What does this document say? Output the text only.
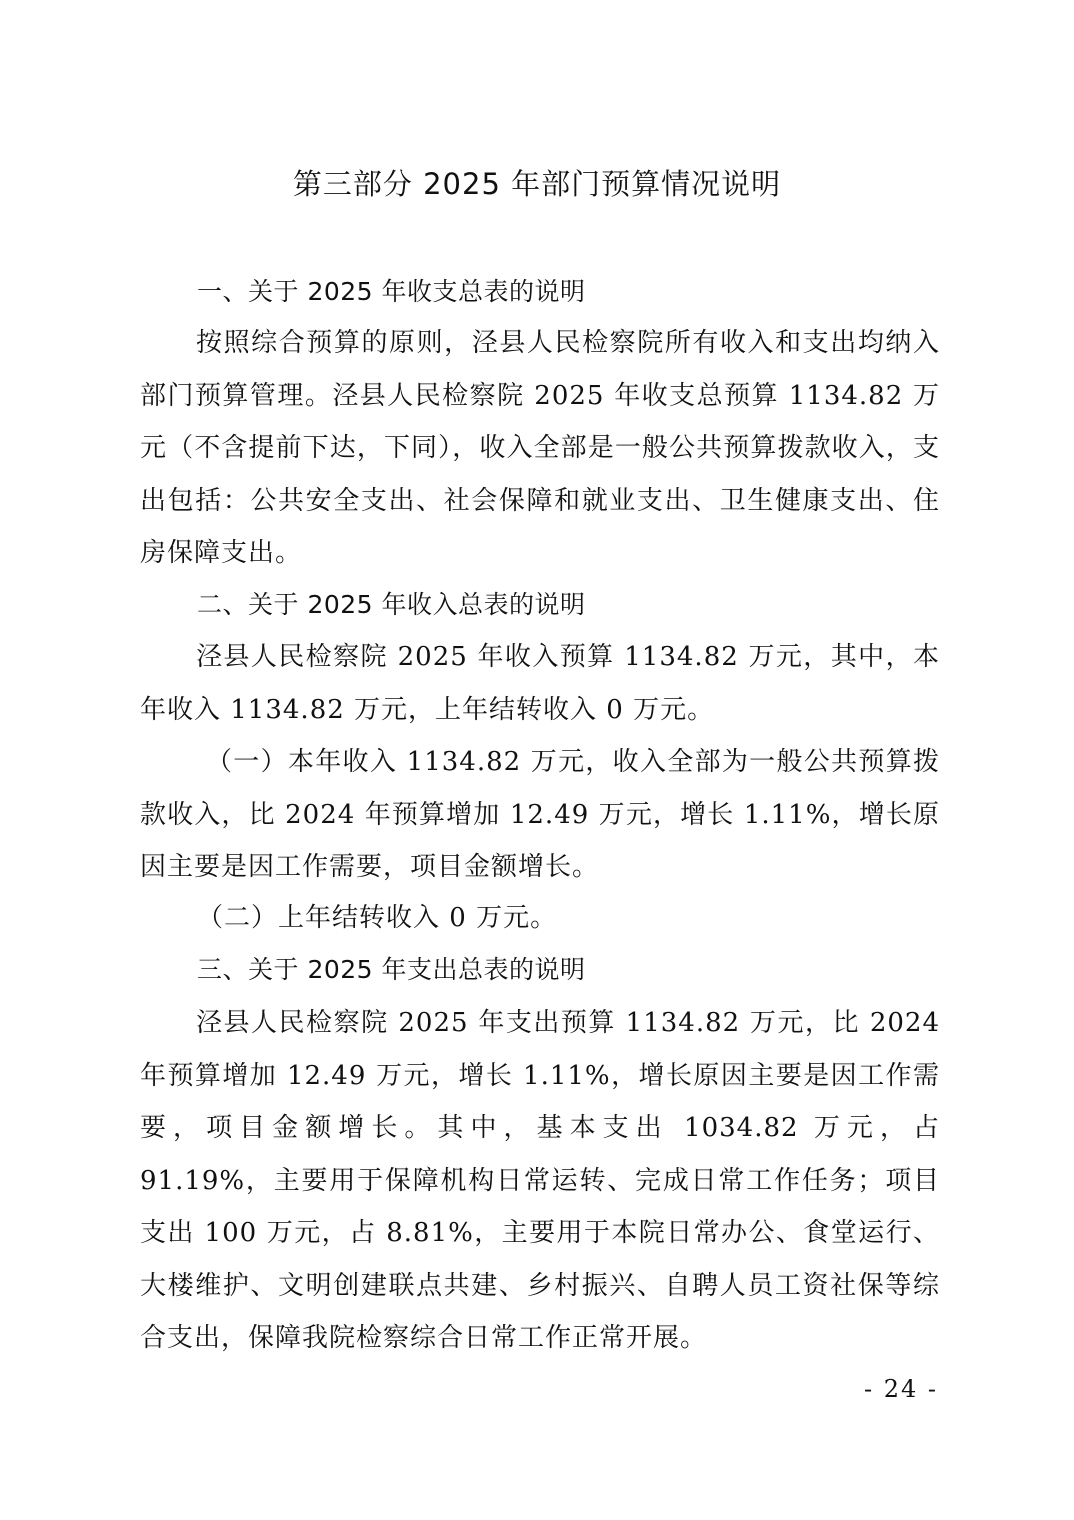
第三部分 2025 年部门预算情况说明
一、关于 2025 年收支总表的说明
按照综合预算的原则，泾县人民检察院所有收入和支出均纳入部门预算管理。泾县人民检察院 2025 年收支总预算 1134.82 万元（不含提前下达，下同），收入全部是一般公共预算拨款收入，支出包括：公共安全支出、社会保障和就业支出、卫生健康支出、住房保障支出。
二、关于 2025 年收入总表的说明
泾县人民检察院 2025 年收入预算 1134.82 万元，其中，本年收入 1134.82 万元，上年结转收入 0 万元。
（一）本年收入 1134.82 万元，收入全部为一般公共预算拨款收入，比 2024 年预算增加 12.49 万元，增长 1.11%，增长原因主要是因工作需要，项目金额增长。
（二）上年结转收入 0 万元。
三、关于 2025 年支出总表的说明
泾县人民检察院 2025 年支出预算 1134.82 万元，比 2024 年预算增加 12.49 万元，增长 1.11%，增长原因主要是因工作需要，项目金额增长。其中，基本支出 1034.82 万元，占 91.19%，主要用于保障机构日常运转、完成日常工作任务；项目支出 100 万元，占 8.81%，主要用于本院日常办公、食堂运行、大楼维护、文明创建联点共建、乡村振兴、自聘人员工资社保等综合支出，保障我院检察综合日常工作正常开展。
- 24 -
